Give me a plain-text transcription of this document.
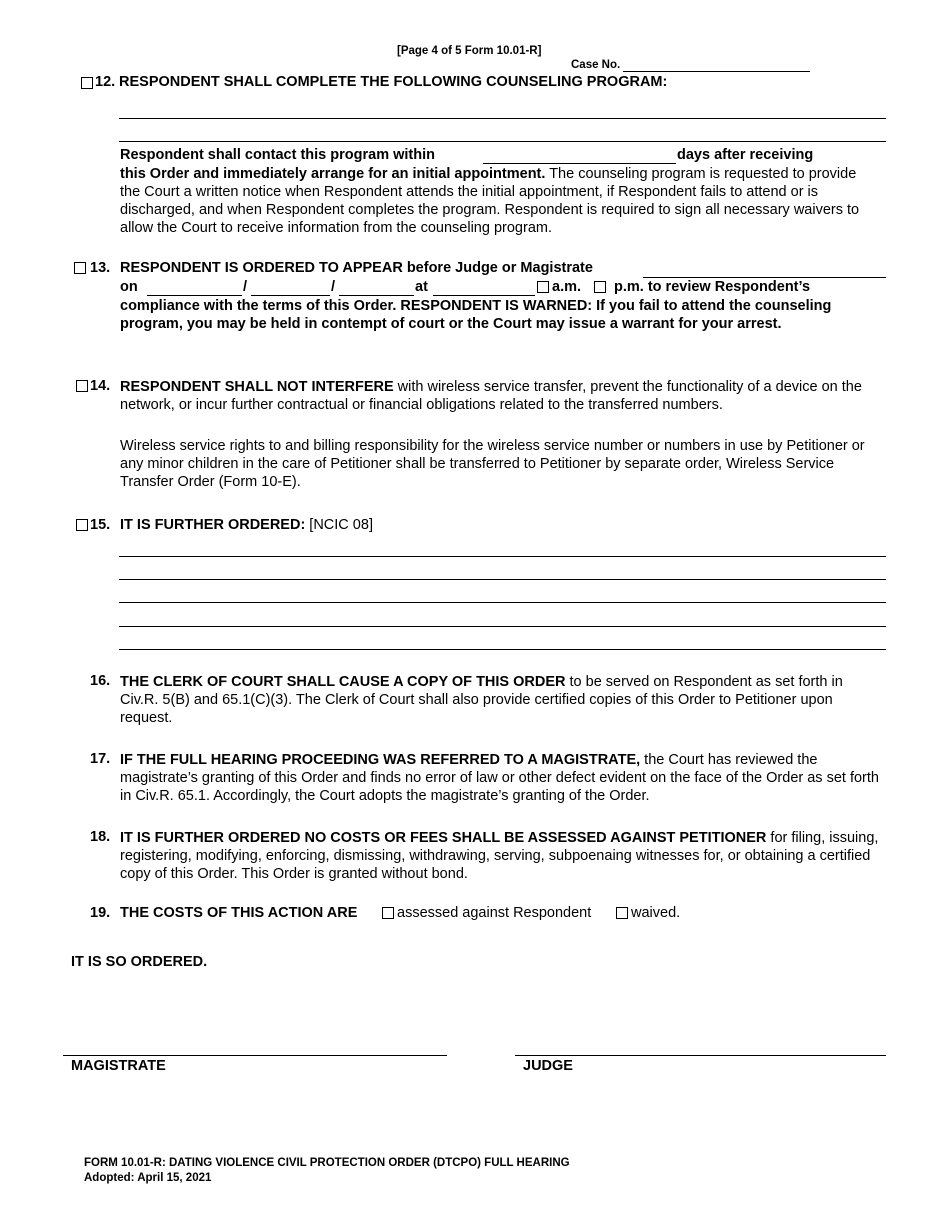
[Page 4 of 5 Form 10.01-R]
Case No.
12. RESPONDENT SHALL COMPLETE THE FOLLOWING COUNSELING PROGRAM:
Respondent shall contact this program within	days after receiving
this Order and immediately arrange for an initial appointment. The counseling program is requested to provide the Court a written notice when Respondent attends the initial appointment, if Respondent fails to attend or is discharged, and when Respondent completes the program. Respondent is required to sign all necessary waivers to allow the Court to receive information from the counseling program.
13. RESPONDENT IS ORDERED TO APPEAR before Judge or Magistrate
on	/	/	at	a.m. p.m. to review Respondent’s
compliance with the terms of this Order. RESPONDENT IS WARNED: If you fail to attend the counseling program, you may be held in contempt of court or the Court may issue a warrant for your arrest.
14. RESPONDENT SHALL NOT INTERFERE with wireless service transfer, prevent the functionality of a device on the network, or incur further contractual or financial obligations related to the transferred numbers.
Wireless service rights to and billing responsibility for the wireless service number or numbers in use by Petitioner or any minor children in the care of Petitioner shall be transferred to Petitioner by separate order, Wireless Service Transfer Order (Form 10-E).
15. IT IS FURTHER ORDERED: [NCIC 08]
16. THE CLERK OF COURT SHALL CAUSE A COPY OF THIS ORDER to be served on Respondent as set forth in Civ.R. 5(B) and 65.1(C)(3). The Clerk of Court shall also provide certified copies of this Order to Petitioner upon request.
17. IF THE FULL HEARING PROCEEDING WAS REFERRED TO A MAGISTRATE, the Court has reviewed the magistrate’s granting of this Order and finds no error of law or other defect evident on the face of the Order as set forth in Civ.R. 65.1. Accordingly, the Court adopts the magistrate’s granting of the Order.
18. IT IS FURTHER ORDERED NO COSTS OR FEES SHALL BE ASSESSED AGAINST PETITIONER for filing, issuing, registering, modifying, enforcing, dismissing, withdrawing, serving, subpoenaing witnesses for, or obtaining a certified copy of this Order. This Order is granted without bond.
19. THE COSTS OF THIS ACTION ARE	assessed against Respondent	waived.
IT IS SO ORDERED.
MAGISTRATE	JUDGE
FORM 10.01-R: DATING VIOLENCE CIVIL PROTECTION ORDER (DTCPO) FULL HEARING
Adopted: April 15, 2021
